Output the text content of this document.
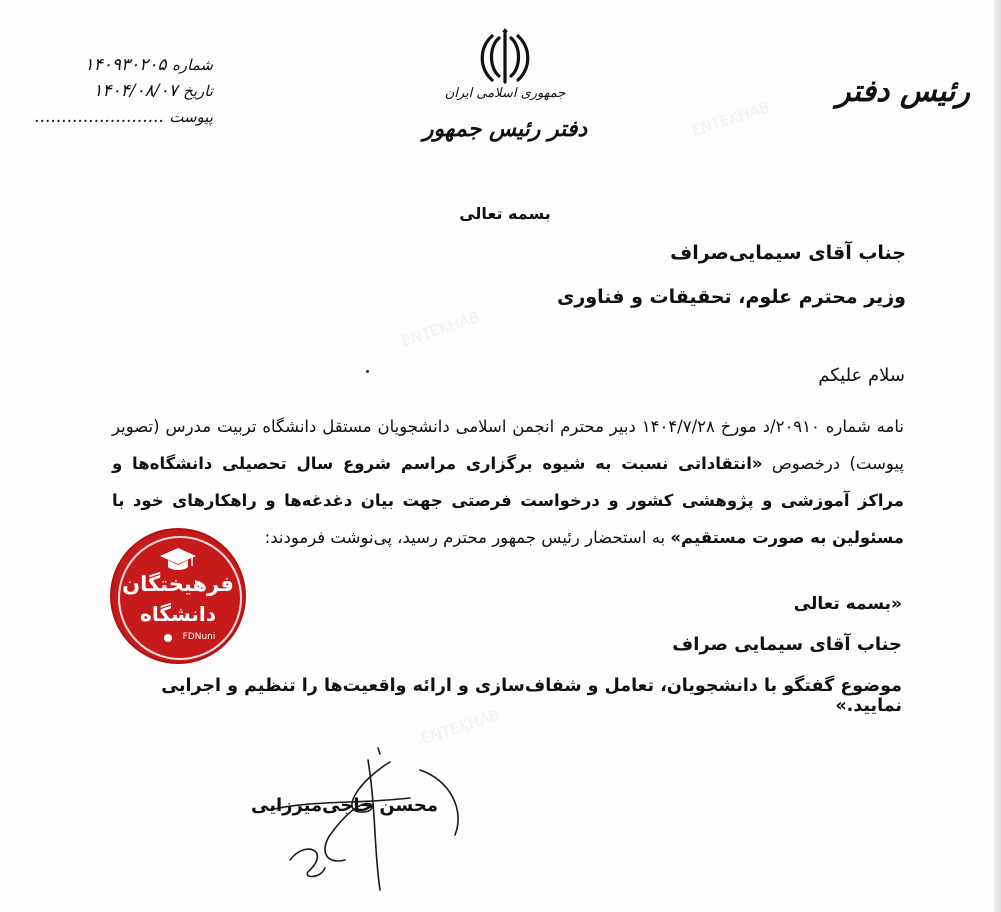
ENTEKHAB
ENTEKHAB
ENTEKHAB
شماره ۱۴۰۹۳۰۲۰۵
تاریخ ۱۴۰۴/۰۸/۰۷
پیوست ........................
جمهوری اسلامی ایران
دفتر رئیس جمهور
رئیس دفتر
بسمه تعالی
جناب آقای سیمایی‌صراف
وزیر محترم علوم، تحقیقات و فناوری
سلام علیکم
نامه شماره ۲۰۹۱۰/د مورخ ۱۴۰۴/۷/۲۸ دبیر محترم انجمن اسلامی دانشجویان مستقل دانشگاه تربیت مدرس (تصویر پیوست) درخصوص «انتقاداتی نسبت به شیوه برگزاری مراسم شروع سال تحصیلی دانشگاه‌ها و مراکز آموزشی و پژوهشی کشور و درخواست فرصتی جهت بیان دغدغه‌ها و راهکارهای خود با مسئولین به صورت مستقیم» به استحضار رئیس جمهور محترم رسید، پی‌نوشت فرمودند:
«بسمه تعالی
جناب آقای سیمایی صراف
موضوع گفتگو با دانشجویان، تعامل و شفاف‌سازی و ارائه واقعیت‌ها را تنظیم و اجرایی نمایید.»
محسن حاجی‌میرزایی
فرهیختگان
دانشگاه
FDNuni
